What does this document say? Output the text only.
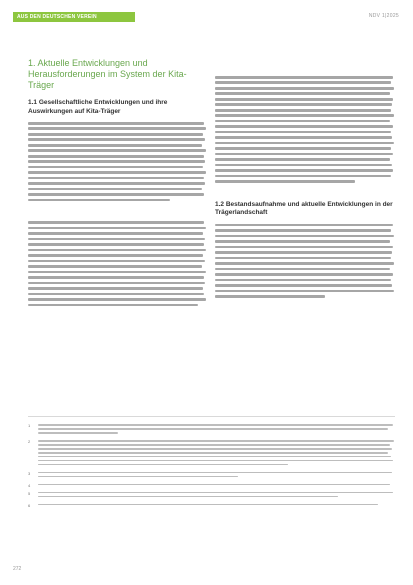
AUS DEN DEUTSCHEN VEREIN	NDV 1|2025
1. Aktuelle Entwicklungen und Herausforderungen im System der Kita-Träger
1.1 Gesellschaftliche Entwicklungen und ihre Auswirkungen auf Kita-Träger
1.2 Bestandsaufnahme und aktuelle Entwicklungen in der Trägerlandschaft
1
2
3
4
5
6
272
